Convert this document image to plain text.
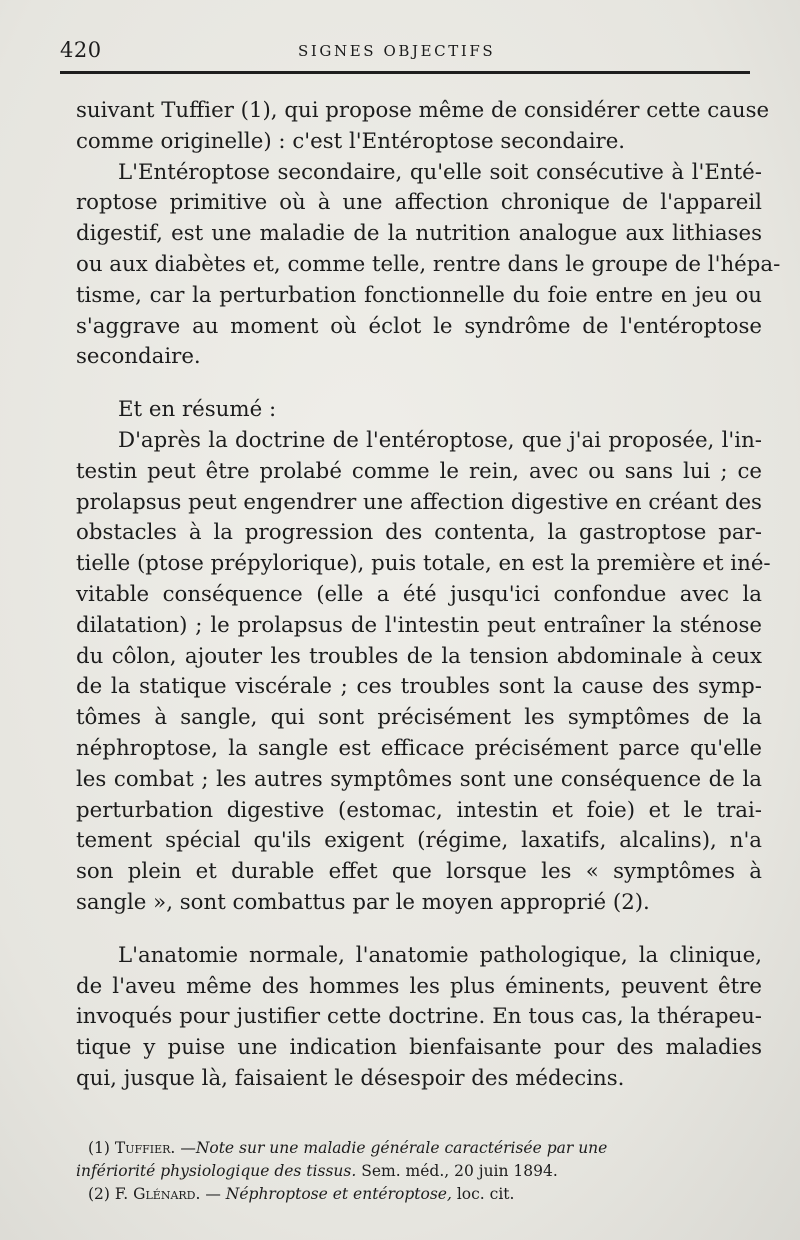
420	SIGNES OBJECTIFS
suivant Tuffier (1), qui propose même de considérer cette cause
comme originelle) : c'est l'Entéroptose secondaire.
L'Entéroptose secondaire, qu'elle soit consécutive à l'Enté-
roptose primitive où à une affection chronique de l'appareil
digestif, est une maladie de la nutrition analogue aux lithiases
ou aux diabètes et, comme telle, rentre dans le groupe de l'hépa-
tisme, car la perturbation fonctionnelle du foie entre en jeu ou
s'aggrave au moment où éclot le syndrôme de l'entéroptose
secondaire.
Et en résumé :
D'après la doctrine de l'entéroptose, que j'ai proposée, l'in-
testin peut être prolabé comme le rein, avec ou sans lui ; ce
prolapsus peut engendrer une affection digestive en créant des
obstacles à la progression des contenta, la gastroptose par-
tielle (ptose prépylorique), puis totale, en est la première et iné-
vitable conséquence (elle a été jusqu'ici confondue avec la
dilatation) ; le prolapsus de l'intestin peut entraîner la sténose
du côlon, ajouter les troubles de la tension abdominale à ceux
de la statique viscérale ; ces troubles sont la cause des symp-
tômes à sangle, qui sont précisément les symptômes de la
néphroptose, la sangle est efficace précisément parce qu'elle
les combat ; les autres symptômes sont une conséquence de la
perturbation digestive (estomac, intestin et foie) et le trai-
tement spécial qu'ils exigent (régime, laxatifs, alcalins), n'a
son plein et durable effet que lorsque les « symptômes à
sangle », sont combattus par le moyen approprié (2).
L'anatomie normale, l'anatomie pathologique, la clinique,
de l'aveu même des hommes les plus éminents, peuvent être
invoqués pour justifier cette doctrine. En tous cas, la thérapeu-
tique y puise une indication bienfaisante pour des maladies
qui, jusque là, faisaient le désespoir des médecins.
(1) Tuffier. —Note sur une maladie générale caractérisée par une
infériorité physiologique des tissus. Sem. méd., 20 juin 1894.
(2) F. Glénard. — Néphroptose et entéroptose, loc. cit.
